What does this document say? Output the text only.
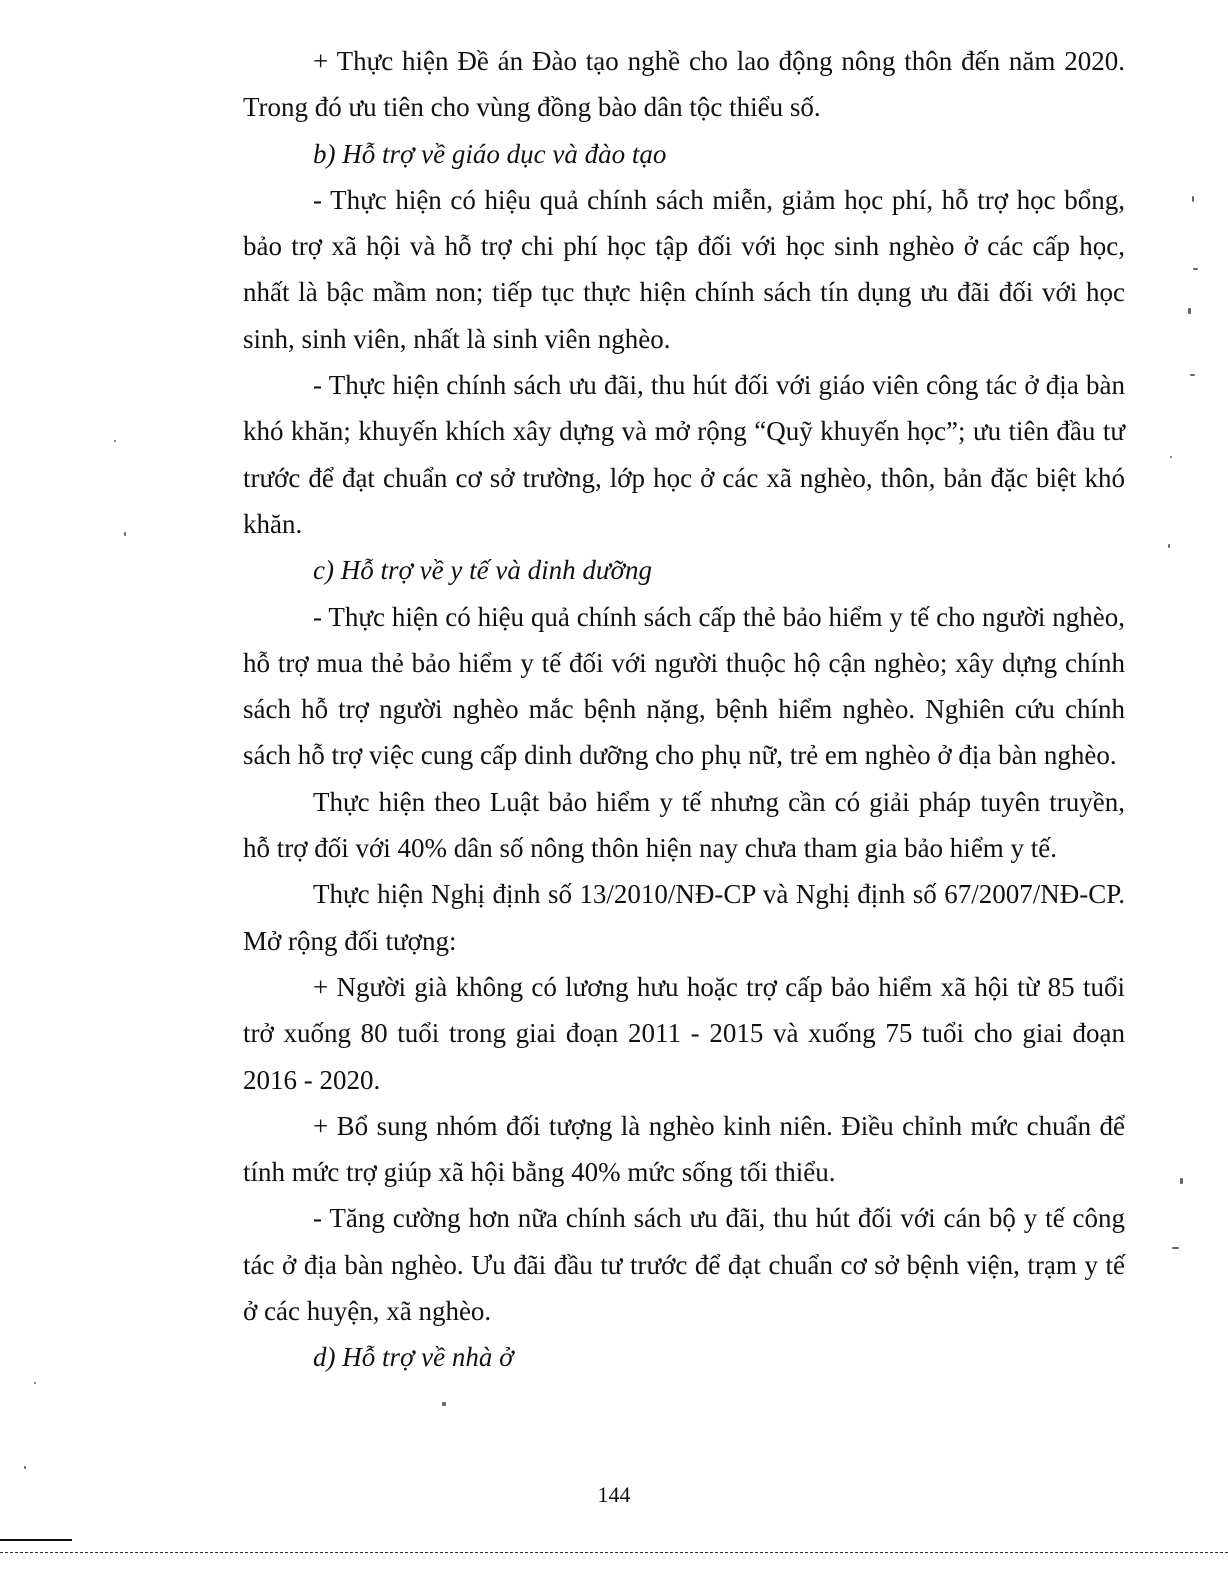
+ Thực hiện Đề án Đào tạo nghề cho lao động nông thôn đến năm 2020. Trong đó ưu tiên cho vùng đồng bào dân tộc thiểu số.

b) Hỗ trợ về giáo dục và đào tạo

- Thực hiện có hiệu quả chính sách miễn, giảm học phí, hỗ trợ học bổng, bảo trợ xã hội và hỗ trợ chi phí học tập đối với học sinh nghèo ở các cấp học, nhất là bậc mầm non; tiếp tục thực hiện chính sách tín dụng ưu đãi đối với học sinh, sinh viên, nhất là sinh viên nghèo.

- Thực hiện chính sách ưu đãi, thu hút đối với giáo viên công tác ở địa bàn khó khăn; khuyến khích xây dựng và mở rộng “Quỹ khuyến học”; ưu tiên đầu tư trước để đạt chuẩn cơ sở trường, lớp học ở các xã nghèo, thôn, bản đặc biệt khó khăn.

c) Hỗ trợ về y tế và dinh dưỡng

- Thực hiện có hiệu quả chính sách cấp thẻ bảo hiểm y tế cho người nghèo, hỗ trợ mua thẻ bảo hiểm y tế đối với người thuộc hộ cận nghèo; xây dựng chính sách hỗ trợ người nghèo mắc bệnh nặng, bệnh hiểm nghèo. Nghiên cứu chính sách hỗ trợ việc cung cấp dinh dưỡng cho phụ nữ, trẻ em nghèo ở địa bàn nghèo.

Thực hiện theo Luật bảo hiểm y tế nhưng cần có giải pháp tuyên truyền, hỗ trợ đối với 40% dân số nông thôn hiện nay chưa tham gia bảo hiểm y tế.

Thực hiện Nghị định số 13/2010/NĐ-CP và Nghị định số 67/2007/NĐ-CP. Mở rộng đối tượng:

+ Người già không có lương hưu hoặc trợ cấp bảo hiểm xã hội từ 85 tuổi trở xuống 80 tuổi trong giai đoạn 2011 - 2015 và xuống 75 tuổi cho giai đoạn 2016 - 2020.

+ Bổ sung nhóm đối tượng là nghèo kinh niên. Điều chỉnh mức chuẩn để tính mức trợ giúp xã hội bằng 40% mức sống tối thiểu.

- Tăng cường hơn nữa chính sách ưu đãi, thu hút đối với cán bộ y tế công tác ở địa bàn nghèo. Ưu đãi đầu tư trước để đạt chuẩn cơ sở bệnh viện, trạm y tế ở các huyện, xã nghèo.

d) Hỗ trợ về nhà ở

144
